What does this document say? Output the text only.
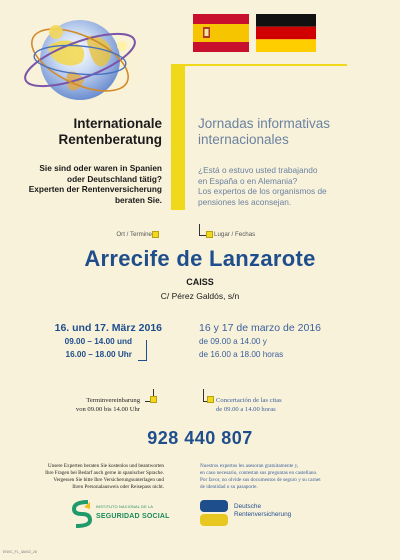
Internationale
Rentenberatung
Jornadas informativas
internacionales
Sie sind oder waren in Spanien
oder Deutschland tätig?
Experten der Rentenversicherung
beraten Sie.
¿Está o estuvo usted trabajando
en España o en Alemania?
Los expertos de los organismos de
pensiones les aconsejan.
Ort / Termine	Lugar / Fechas
Arrecife de Lanzarote
CAISS
C/ Pérez Galdós, s/n
16. und 17. März 2016
09.00 – 14.00 und
16.00 – 18.00 Uhr
16 y 17 de marzo de 2016
de 09.00 a 14.00 y
de 16.00 a 18.00 horas
Terminvereinbarung
von 09.00 bis 14.00 Uhr
Concertación de las citas
de 09.00 a 14.00 horas
928 440 807
Unsere Experten beraten Sie kostenlos und beantworten
Ihre Fragen bei Bedarf auch gerne in spanischer Sprache.
Vergessen Sie bitte Ihre Versicherungsunterlagen und
Ihren Personalausweis oder Reisepass nicht.
Nuestros expertos les asesoran gratuitamente y,
en caso necesario, contestan sus preguntas en castellano.
Por favor, no olvide sus documentos de seguro y su carnet
de identidad o su pasaporte.
INSTITUTO NACIONAL DE LA
SEGURIDAD SOCIAL
Deutsche
Rentenversicherung
ENVC_FL_4AV02_26
